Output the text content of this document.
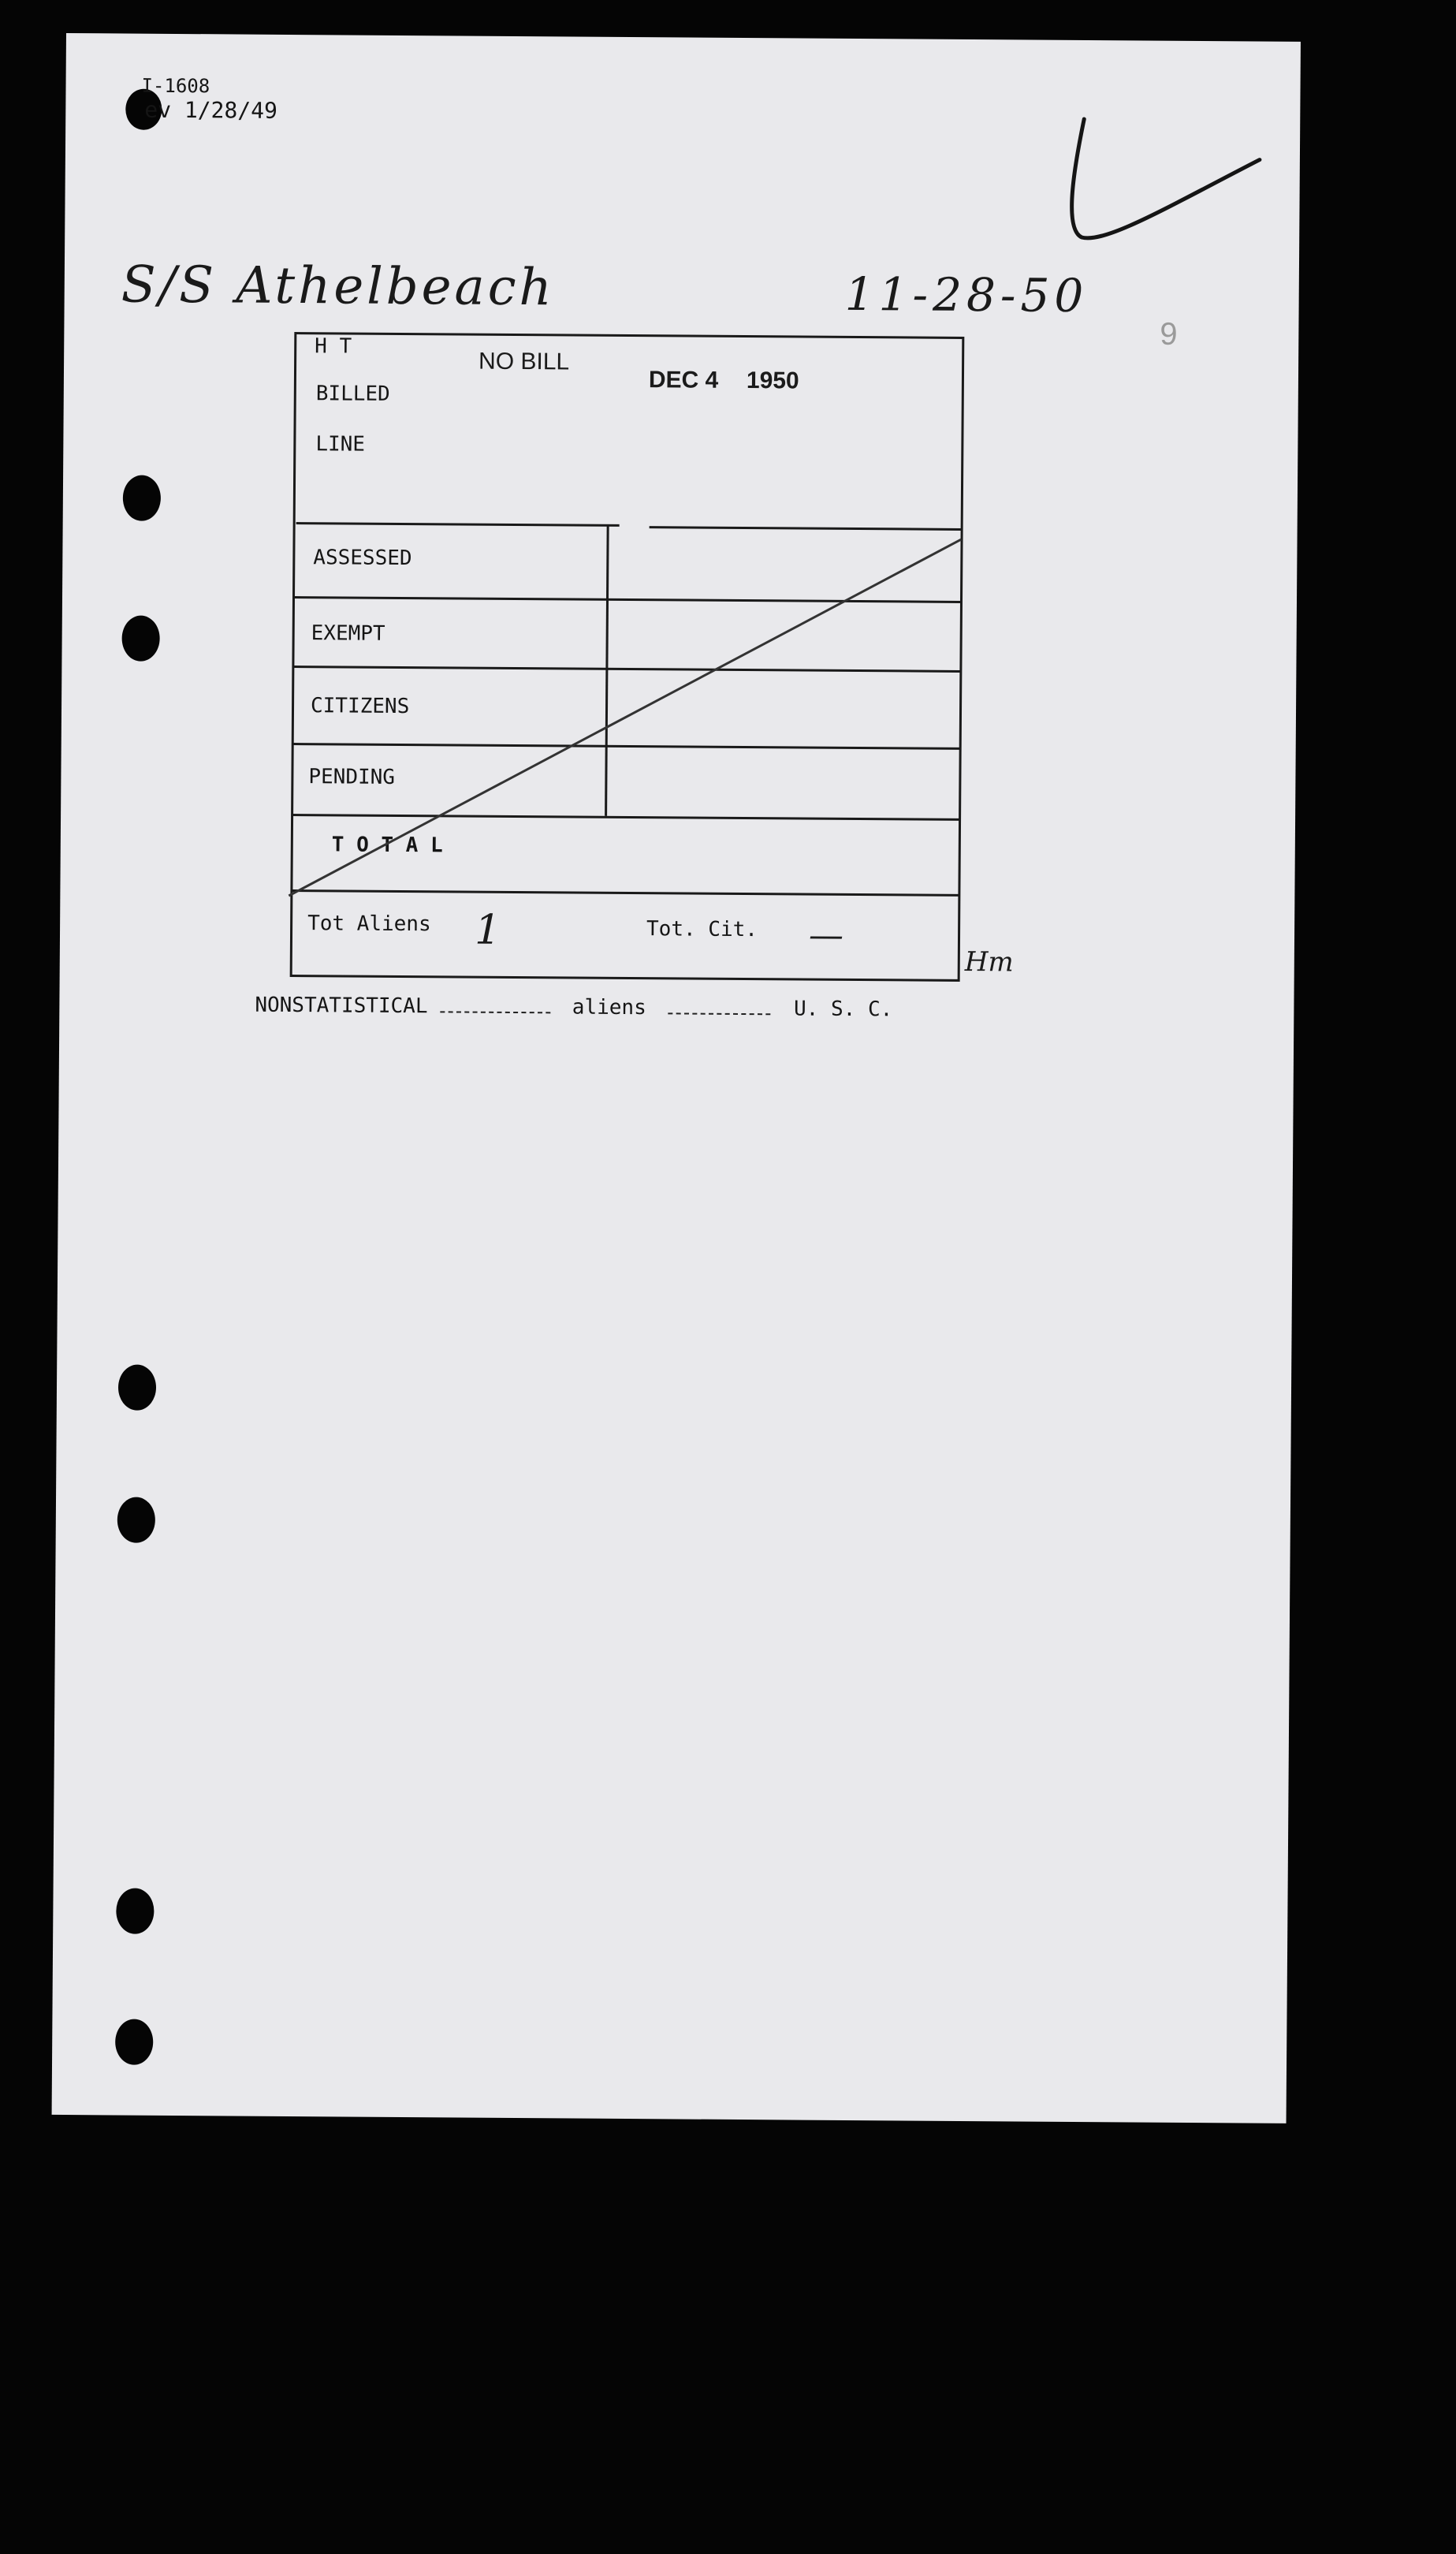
I-1608
ev 1/28/49
S/S Athelbeach	11-28-50
9
H T
BILLED
LINE
NO BILL
DEC 4 1950
ASSESSED
EXEMPT
CITIZENS
PENDING
T O T A L
Tot Aliens 1	Tot. Cit. —
Hm
NONSTATISTICAL	aliens	U. S. C.
